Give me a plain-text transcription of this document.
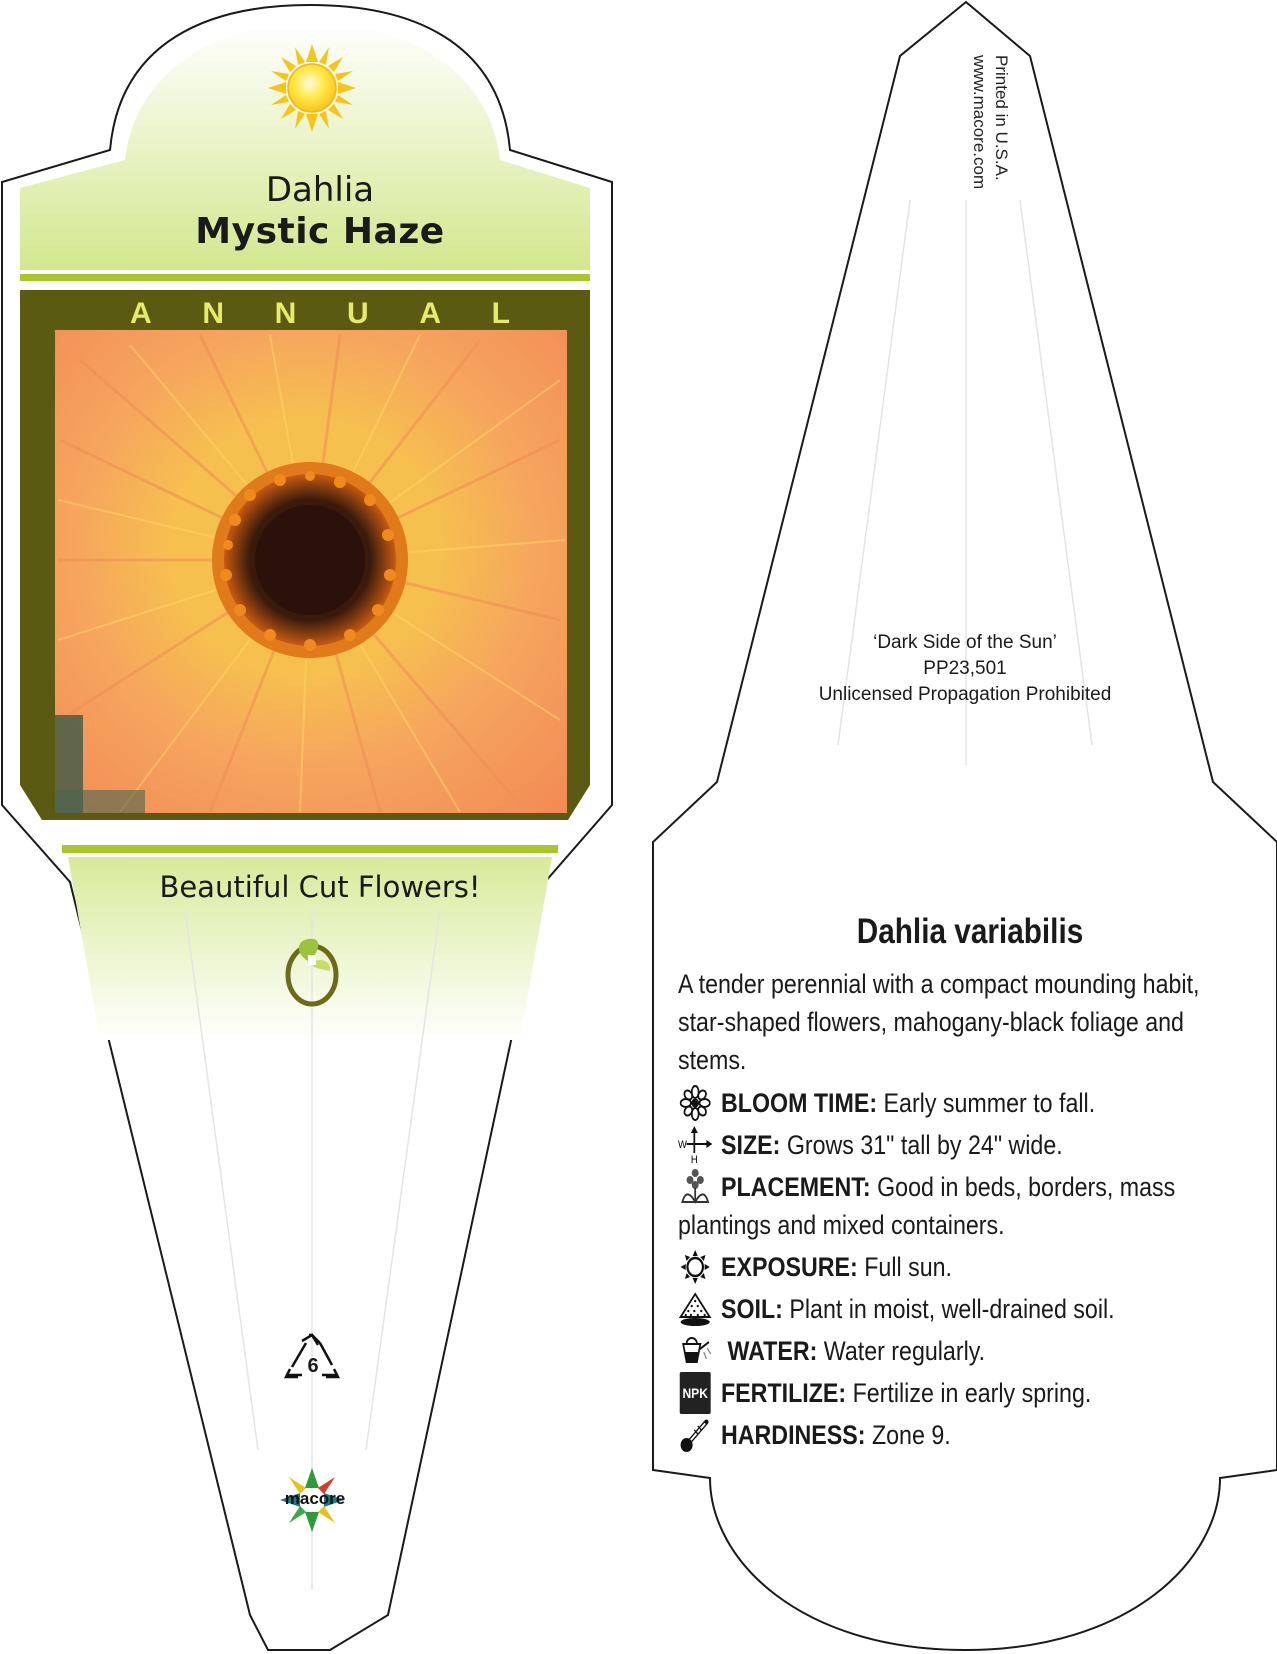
Dahlia
Mystic Haze
A N N U A L
Beautiful Cut Flowers!
6
macore
Printed in U.S.A.
www.macore.com
‘Dark Side of the Sun’
PP23,501
Unlicensed Propagation Prohibited
Dahlia variabilis
A tender perennial with a compact mounding habit, star-shaped flowers, mahogany-black foliage and stems.
BLOOM TIME: Early summer to fall.
W
H
SIZE: Grows 31" tall by 24" wide.
PLACEMENT: Good in beds, borders, mass
plantings and mixed containers.
EXPOSURE: Full sun.
SOIL: Plant in moist, well-drained soil.
WATER: Water regularly.
NPK FERTILIZE: Fertilize in early spring.
HARDINESS: Zone 9.
